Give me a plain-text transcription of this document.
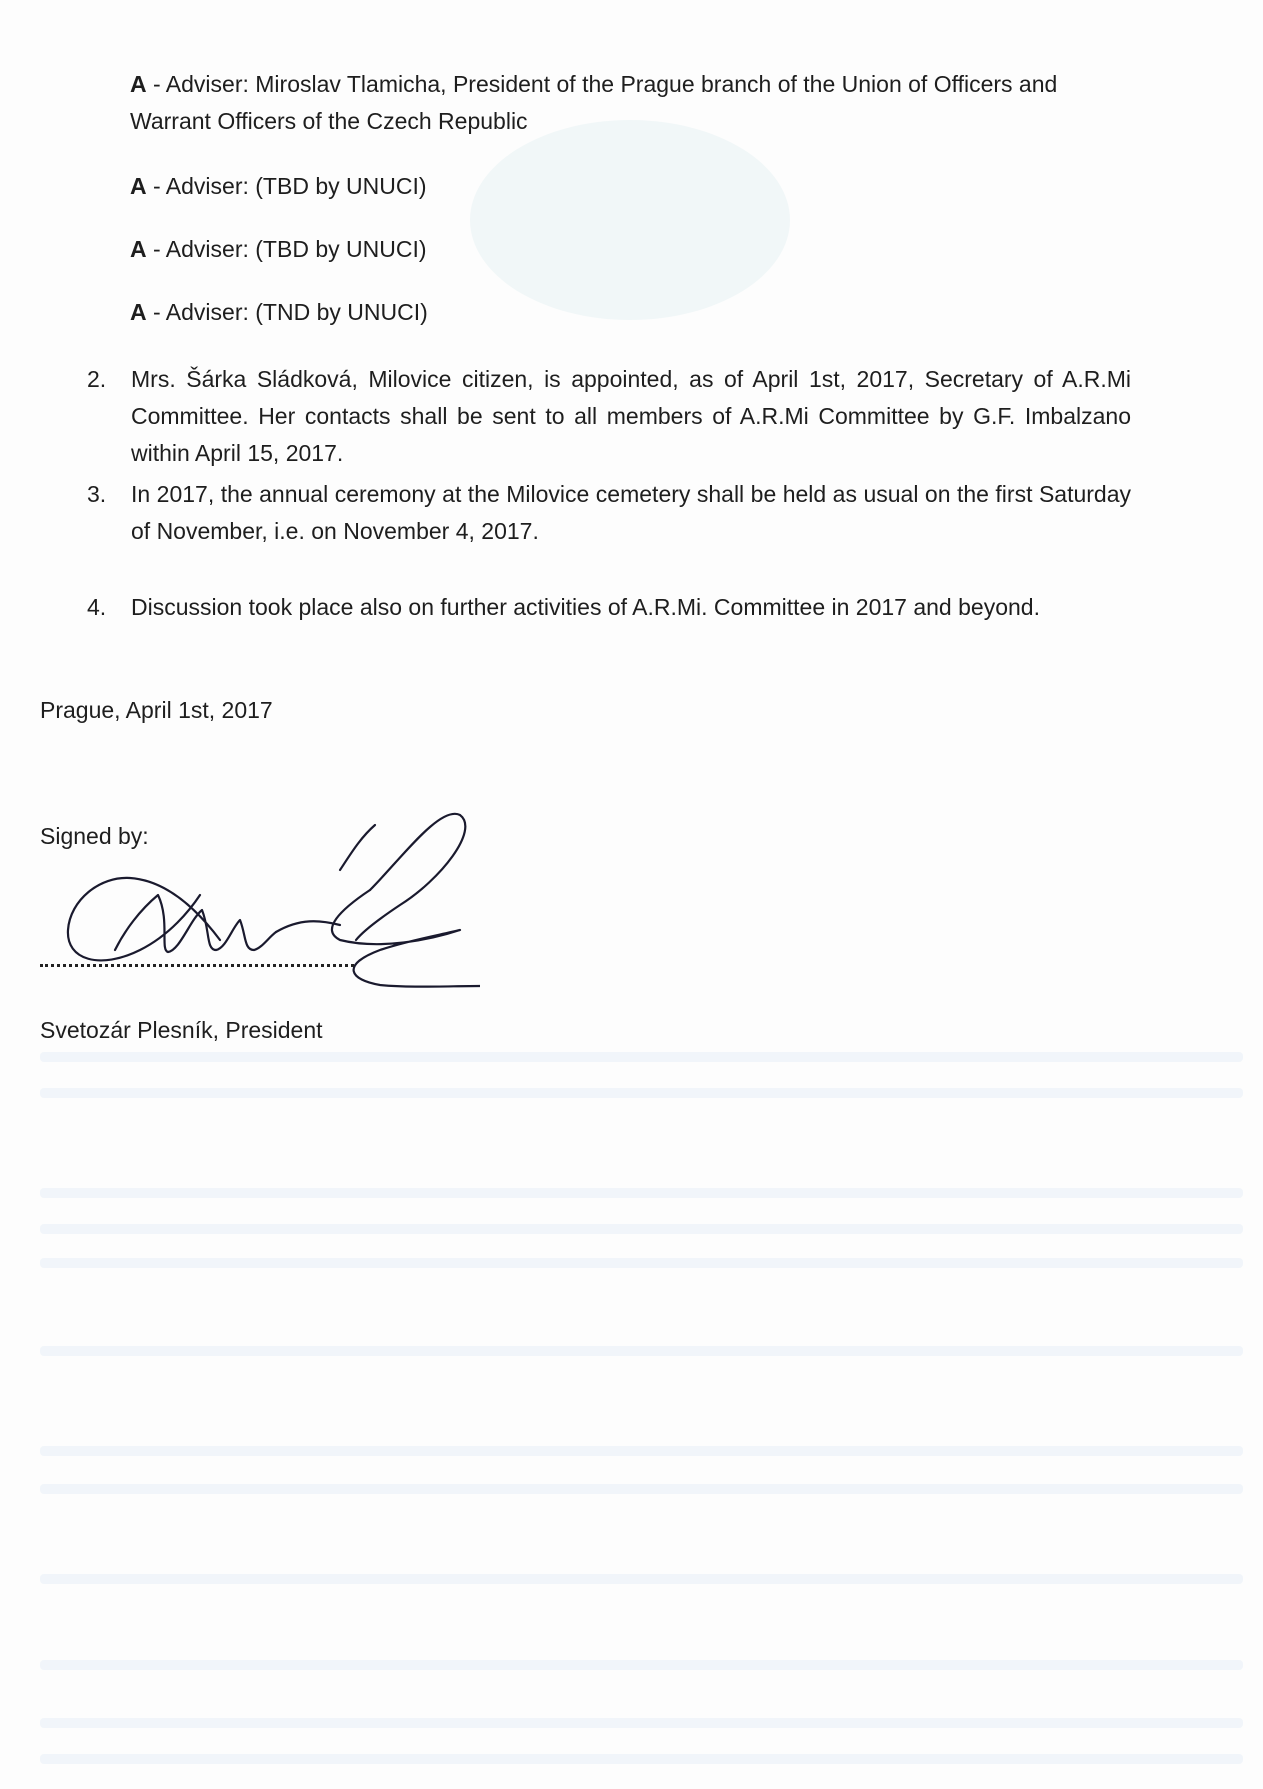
A - Adviser: Miroslav Tlamicha, President of the Prague branch of the Union of Officers and
Warrant Officers of the Czech Republic
A - Adviser: (TBD by UNUCI)
A - Adviser: (TBD by UNUCI)
A - Adviser: (TND by UNUCI)
2.	Mrs. Šárka Sládková, Milovice citizen, is appointed, as of April 1st, 2017, Secretary of A.R.Mi Committee. Her contacts shall be sent to all members of A.R.Mi Committee by G.F. Imbalzano within April 15, 2017.
3.	In 2017, the annual ceremony at the Milovice cemetery shall be held as usual on the first Saturday of November, i.e. on November 4, 2017.
4.	Discussion took place also on further activities of A.R.Mi. Committee in 2017 and beyond.
Prague, April 1st, 2017
Signed by:
Svetozár Plesník, President
